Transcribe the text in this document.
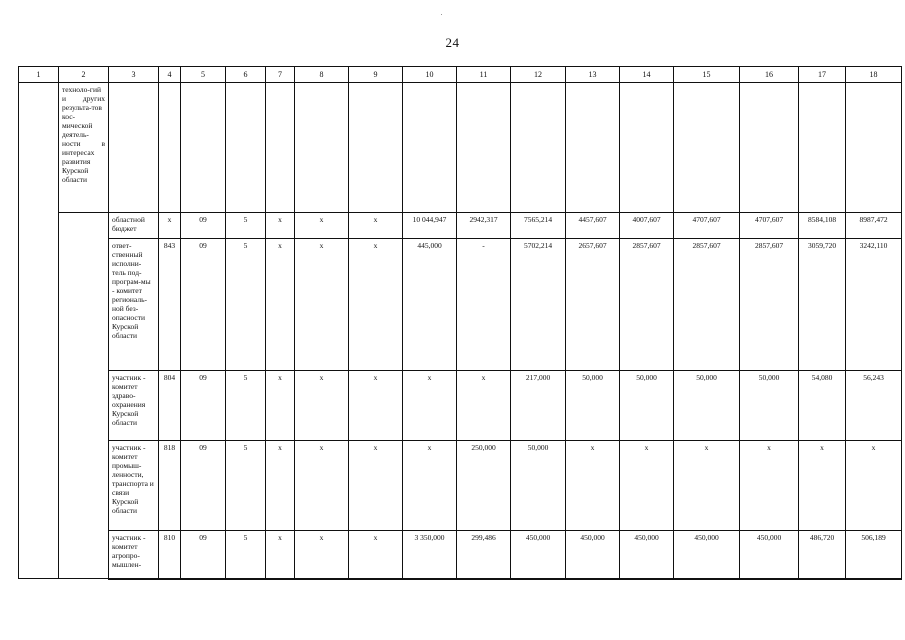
24
1	2	3	4	5	6	7	8	9	10	11	12	13	14	15	16	17	18
	техноло-гий и других результа-тов кос-мической деятель-ности в интересах развития Курской области																
		областной бюджет	x	09	5	x	x	x	10 044,947	2942,317	7565,214	4457,607	4007,607	4707,607	4707,607	8584,108	8987,472
		ответ-ственный исполни-тель под-програм-мы - комитет региональ-ной без-опасности Курской области	843	09	5	x	x	x	445,000	-	5702,214	2657,607	2857,607	2857,607	2857,607	3059,720	3242,110
		участник - комитет здраво-охранения Курской области	804	09	5	x	x	x	x	x	217,000	50,000	50,000	50,000	50,000	54,080	56,243
		участник - комитет промыш-ленности, транспорта и связи Курской области	818	09	5	x	x	x	x	250,000	50,000	x	x	x	x	x	x
		участник - комитет агропро-мышлен-	810	09	5	x	x	x	3 350,000	299,486	450,000	450,000	450,000	450,000	450,000	486,720	506,189
